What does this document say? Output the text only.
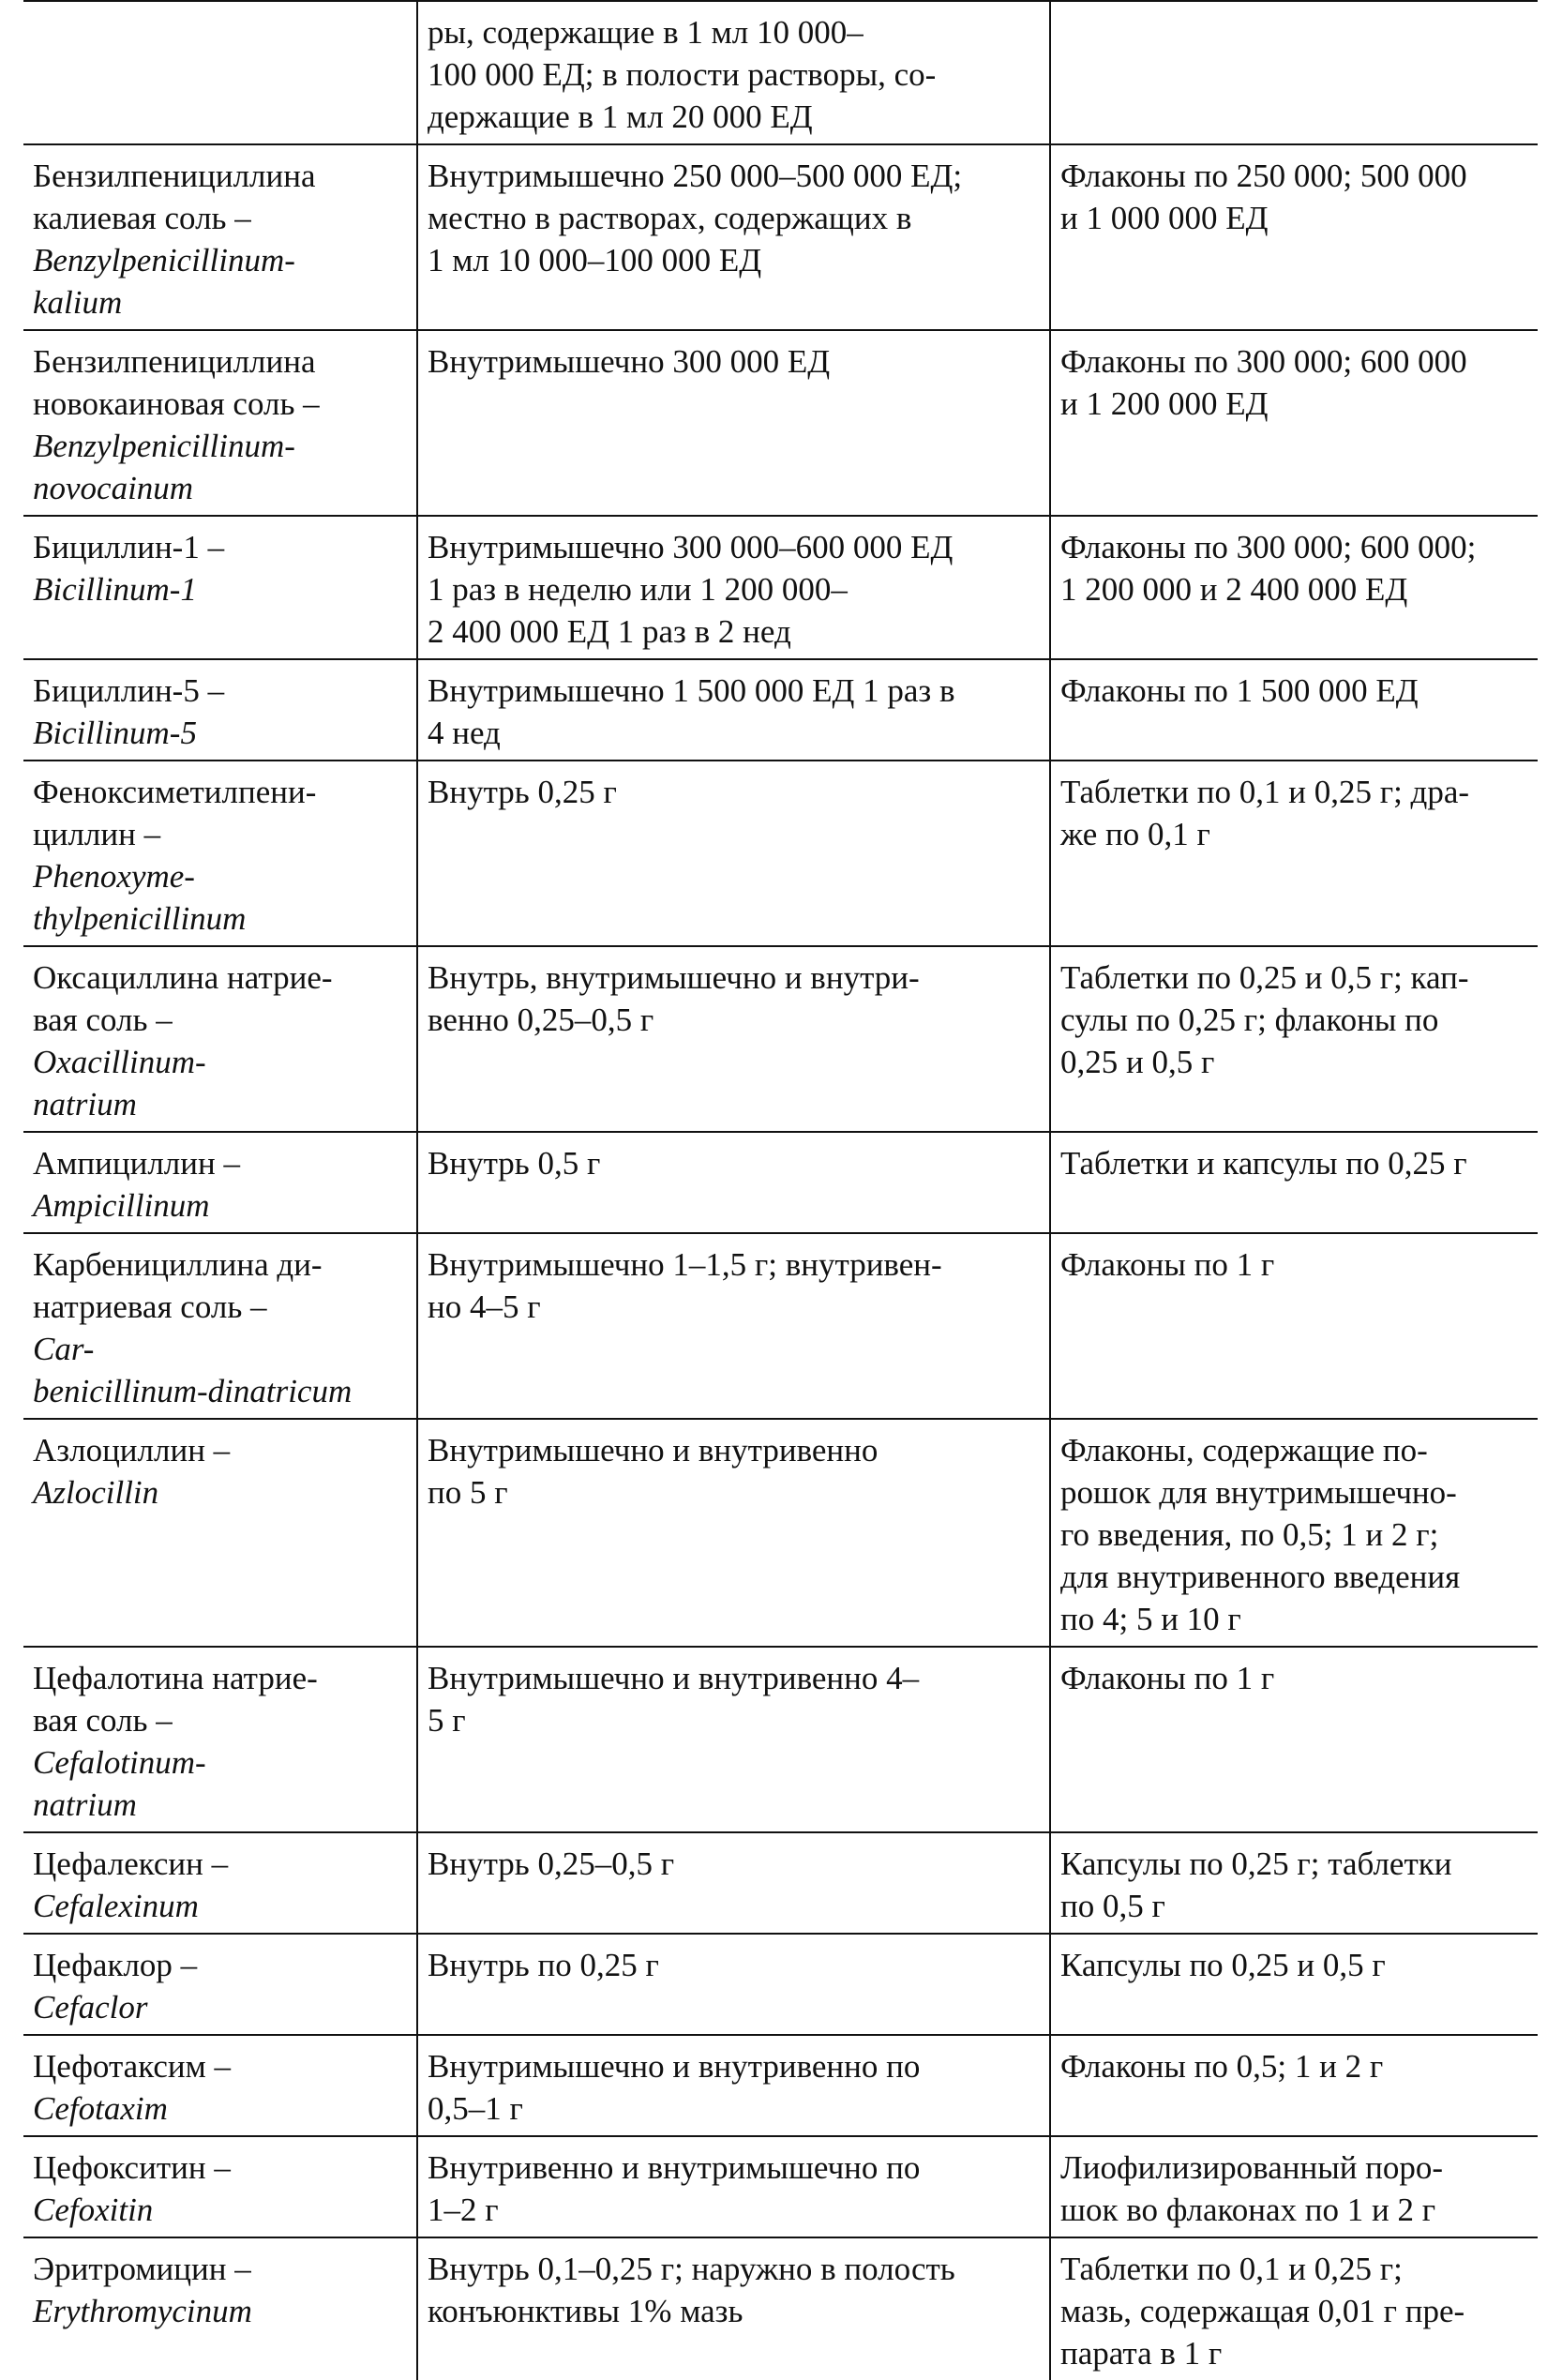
	ры, содержащие в 1 мл 10 000–
100 000 ЕД; в полости растворы, со-
держащие в 1 мл 20 000 ЕД	

Бензилпенициллина
калиевая соль –
Benzylpenicillinum-
kalium	Внутримышечно 250 000–500 000 ЕД;
местно в растворах, содержащих в
1 мл 10 000–100 000 ЕД	Флаконы по 250 000; 500 000
и 1 000 000 ЕД

Бензилпенициллина
новокаиновая соль –
Benzylpenicillinum-
novocainum	Внутримышечно 300 000 ЕД	Флаконы по 300 000; 600 000
и 1 200 000 ЕД

Бициллин-1 –
Bicillinum-1	Внутримышечно 300 000–600 000 ЕД
1 раз в неделю или 1 200 000–
2 400 000 ЕД 1 раз в 2 нед	Флаконы по 300 000; 600 000;
1 200 000 и 2 400 000 ЕД

Бициллин-5 –
Bicillinum-5	Внутримышечно 1 500 000 ЕД 1 раз в
4 нед	Флаконы по 1 500 000 ЕД

Феноксиметилпени-
циллин –
Phenoxyme-
thylpenicillinum	Внутрь 0,25 г	Таблетки по 0,1 и 0,25 г; дра-
же по 0,1 г

Оксациллина натрие-
вая соль –
Oxacillinum-
natrium	Внутрь, внутримышечно и внутри-
венно 0,25–0,5 г	Таблетки по 0,25 и 0,5 г; кап-
сулы по 0,25 г; флаконы по
0,25 и 0,5 г

Ампициллин –
Ampicillinum	Внутрь 0,5 г	Таблетки и капсулы по 0,25 г

Карбенициллина ди-
натриевая соль –
Car-
benicillinum-dinatricum	Внутримышечно 1–1,5 г; внутривен-
но 4–5 г	Флаконы по 1 г

Азлоциллин –
Azlocillin	Внутримышечно и внутривенно
по 5 г	Флаконы, содержащие по-
рошок для внутримышечно-
го введения, по 0,5; 1 и 2 г;
для внутривенного введения
по 4; 5 и 10 г

Цефалотина натрие-
вая соль –
Cefalotinum-
natrium	Внутримышечно и внутривенно 4–
5 г	Флаконы по 1 г

Цефалексин –
Cefalexinum	Внутрь 0,25–0,5 г	Капсулы по 0,25 г; таблетки
по 0,5 г

Цефаклор –
Cefaclor	Внутрь по 0,25 г	Капсулы по 0,25 и 0,5 г

Цефотаксим –
Cefotaxim	Внутримышечно и внутривенно по
0,5–1 г	Флаконы по 0,5; 1 и 2 г

Цефокситин –
Cefoxitin	Внутривенно и внутримышечно по
1–2 г	Лиофилизированный поро-
шок во флаконах по 1 и 2 г

Эритромицин –
Erythromycinum	Внутрь 0,1–0,25 г; наружно в полость
конъюнктивы 1% мазь	Таблетки по 0,1 и 0,25 г;
мазь, содержащая 0,01 г пре-
парата в 1 г
